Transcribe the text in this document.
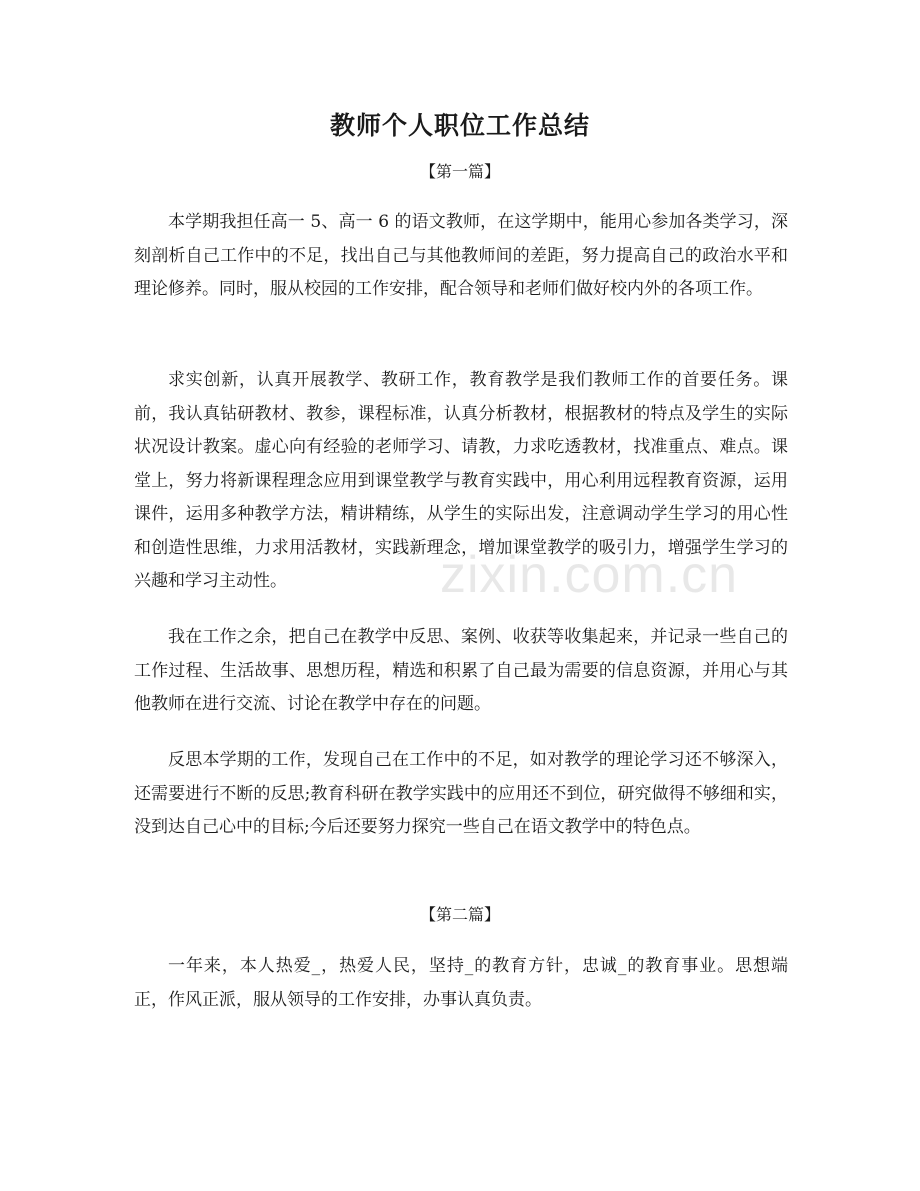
教师个人职位工作总结
【第一篇】

本学期我担任高一 5、高一 6 的语文教师，在这学期中，能用心参加各类学习，深刻剖析自己工作中的不足，找出自己与其他教师间的差距，努力提高自己的政治水平和理论修养。同时，服从校园的工作安排，配合领导和老师们做好校内外的各项工作。

求实创新，认真开展教学、教研工作，教育教学是我们教师工作的首要任务。课前，我认真钻研教材、教参，课程标准，认真分析教材，根据教材的特点及学生的实际状况设计教案。虚心向有经验的老师学习、请教，力求吃透教材，找准重点、难点。课堂上，努力将新课程理念应用到课堂教学与教育实践中，用心利用远程教育资源，运用课件，运用多种教学方法，精讲精练，从学生的实际出发，注意调动学生学习的用心性和创造性思维，力求用活教材，实践新理念，增加课堂教学的吸引力，增强学生学习的兴趣和学习主动性。

我在工作之余，把自己在教学中反思、案例、收获等收集起来，并记录一些自己的工作过程、生活故事、思想历程，精选和积累了自己最为需要的信息资源，并用心与其他教师在进行交流、讨论在教学中存在的问题。

反思本学期的工作，发现自己在工作中的不足，如对教学的理论学习还不够深入，还需要进行不断的反思;教育科研在教学实践中的应用还不到位，研究做得不够细和实，没到达自己心中的目标;今后还要努力探究一些自己在语文教学中的特色点。

【第二篇】

一年来，本人热爱_，热爱人民，坚持_的教育方针，忠诚_的教育事业。思想端正，作风正派，服从领导的工作安排，办事认真负责。

zixin.com.cn
